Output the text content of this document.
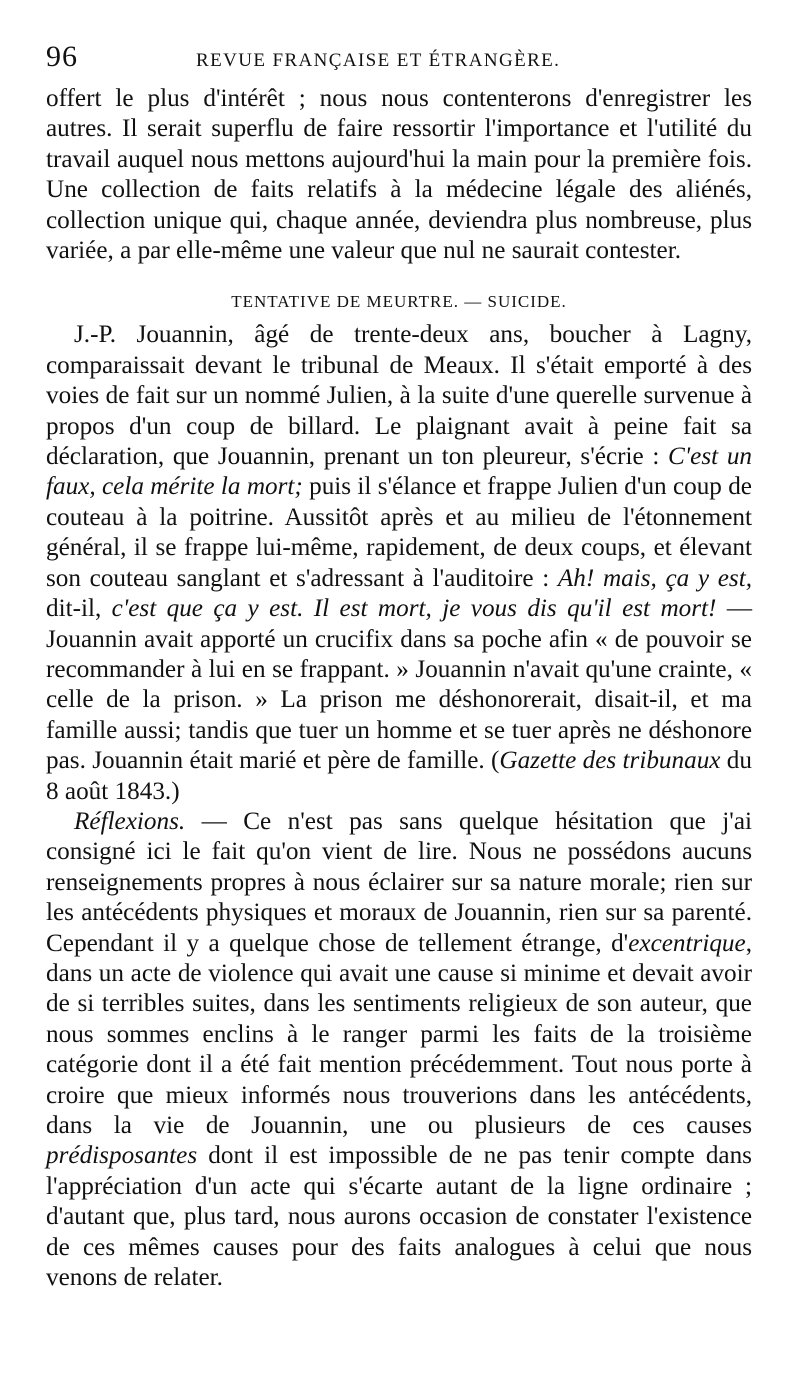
96	REVUE FRANÇAISE ET ÉTRANGÈRE.

offert le plus d'intérêt ; nous nous contenterons d'enregistrer les autres. Il serait superflu de faire ressortir l'importance et l'utilité du travail auquel nous mettons aujourd'hui la main pour la première fois. Une collection de faits relatifs à la médecine légale des aliénés, collection unique qui, chaque année, deviendra plus nombreuse, plus variée, a par elle-même une valeur que nul ne saurait contester.

TENTATIVE DE MEURTRE. — SUICIDE.

J.-P. Jouannin, âgé de trente-deux ans, boucher à Lagny, comparaissait devant le tribunal de Meaux. Il s'était emporté à des voies de fait sur un nommé Julien, à la suite d'une querelle survenue à propos d'un coup de billard. Le plaignant avait à peine fait sa déclaration, que Jouannin, prenant un ton pleureur, s'écrie : C'est un faux, cela mérite la mort; puis il s'élance et frappe Julien d'un coup de couteau à la poitrine. Aussitôt après et au milieu de l'étonnement général, il se frappe lui-même, rapidement, de deux coups, et élevant son couteau sanglant et s'adressant à l'auditoire : Ah! mais, ça y est, dit-il, c'est que ça y est. Il est mort, je vous dis qu'il est mort! — Jouannin avait apporté un crucifix dans sa poche afin « de pouvoir se recommander à lui en se frappant. » Jouannin n'avait qu'une crainte, « celle de la prison. » La prison me déshonorerait, disait-il, et ma famille aussi; tandis que tuer un homme et se tuer après ne déshonore pas. Jouannin était marié et père de famille. (Gazette des tribunaux du 8 août 1843.)

Réflexions. — Ce n'est pas sans quelque hésitation que j'ai consigné ici le fait qu'on vient de lire. Nous ne possédons aucuns renseignements propres à nous éclairer sur sa nature morale; rien sur les antécédents physiques et moraux de Jouannin, rien sur sa parenté. Cependant il y a quelque chose de tellement étrange, d'excentrique, dans un acte de violence qui avait une cause si minime et devait avoir de si terribles suites, dans les sentiments religieux de son auteur, que nous sommes enclins à le ranger parmi les faits de la troisième catégorie dont il a été fait mention précédemment. Tout nous porte à croire que mieux informés nous trouverions dans les antécédents, dans la vie de Jouannin, une ou plusieurs de ces causes prédisposantes dont il est impossible de ne pas tenir compte dans l'appréciation d'un acte qui s'écarte autant de la ligne ordinaire ; d'autant que, plus tard, nous aurons occasion de constater l'existence de ces mêmes causes pour des faits analogues à celui que nous venons de relater.
